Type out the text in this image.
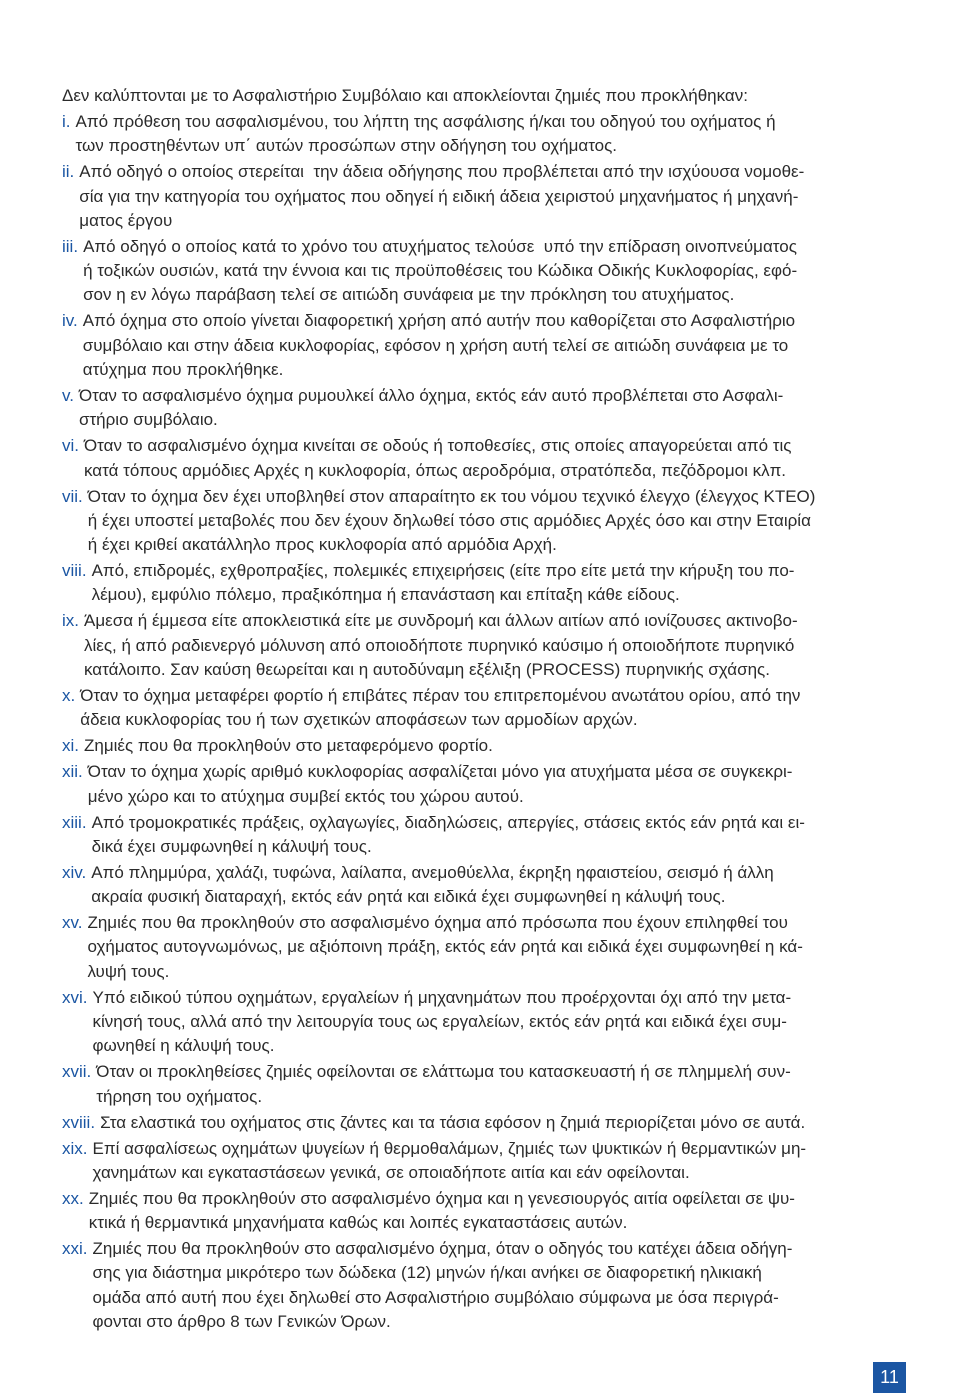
Δεν καλύπτονται με το Ασφαλιστήριο Συμβόλαιο και αποκλείονται ζημιές που προκλήθηκαν:
i. Από πρόθεση του ασφαλισμένου, του λήπτη της ασφάλισης ή/και του οδηγού του οχήματος ή
των προστηθέντων υπ΄ αυτών προσώπων στην οδήγηση του οχήματος.
ii. Από οδηγό ο οποίος στερείται  την άδεια οδήγησης που προβλέπεται από την ισχύουσα νομοθε-
σία για την κατηγορία του οχήματος που οδηγεί ή ειδική άδεια χειριστού μηχανήματος ή μηχανή-
ματος έργου
iii. Από οδηγό ο οποίος κατά το χρόνο του ατυχήματος τελούσε  υπό την επίδραση οινοπνεύματος
ή τοξικών ουσιών, κατά την έννοια και τις προϋποθέσεις του Κώδικα Οδικής Κυκλοφορίας, εφό-
σον η εν λόγω παράβαση τελεί σε αιτιώδη συνάφεια με την πρόκληση του ατυχήματος.
iv. Από όχημα στο οποίο γίνεται διαφορετική χρήση από αυτήν που καθορίζεται στο Ασφαλιστήριο
συμβόλαιο και στην άδεια κυκλοφορίας, εφόσον η χρήση αυτή τελεί σε αιτιώδη συνάφεια με το
ατύχημα που προκλήθηκε.
v. Όταν το ασφαλισμένο όχημα ρυμουλκεί άλλο όχημα, εκτός εάν αυτό προβλέπεται στο Ασφαλι-
στήριο συμβόλαιο.
vi. Όταν το ασφαλισμένο όχημα κινείται σε οδούς ή τοποθεσίες, στις οποίες απαγορεύεται από τις
κατά τόπους αρμόδιες Αρχές η κυκλοφορία, όπως αεροδρόμια, στρατόπεδα, πεζόδρομοι κλπ.
vii. Όταν το όχημα δεν έχει υποβληθεί στον απαραίτητο εκ του νόμου τεχνικό έλεγχο (έλεγχος ΚΤΕΟ)
ή έχει υποστεί μεταβολές που δεν έχουν δηλωθεί τόσο στις αρμόδιες Αρχές όσο και στην Εταιρία
ή έχει κριθεί ακατάλληλο προς κυκλοφορία από αρμόδια Αρχή.
viii. Από, επιδρομές, εχθροπραξίες, πολεμικές επιχειρήσεις (είτε προ είτε μετά την κήρυξη του πο-
λέμου), εμφύλιο πόλεμο, πραξικόπημα ή επανάσταση και επίταξη κάθε είδους.
ix. Άμεσα ή έμμεσα είτε αποκλειστικά είτε με συνδρομή και άλλων αιτίων από ιονίζουσες ακτινοβο-
λίες, ή από ραδιενεργό μόλυνση από οποιοδήποτε πυρηνικό καύσιμο ή οποιοδήποτε πυρηνικό
κατάλοιπο. Σαν καύση θεωρείται και η αυτοδύναμη εξέλιξη (PROCESS) πυρηνικής σχάσης.
x. Όταν το όχημα μεταφέρει φορτίο ή επιβάτες πέραν του επιτρεπομένου ανωτάτου ορίου, από την
άδεια κυκλοφορίας του ή των σχετικών αποφάσεων των αρμοδίων αρχών.
xi. Ζημιές που θα προκληθούν στο μεταφερόμενο φορτίο.
xii. Όταν το όχημα χωρίς αριθμό κυκλοφορίας ασφαλίζεται μόνο για ατυχήματα μέσα σε συγκεκρι-
μένο χώρο και το ατύχημα συμβεί εκτός του χώρου αυτού.
xiii. Από τρομοκρατικές πράξεις, οχλαγωγίες, διαδηλώσεις, απεργίες, στάσεις εκτός εάν ρητά και ει-
δικά έχει συμφωνηθεί η κάλυψή τους.
xiv. Από πλημμύρα, χαλάζι, τυφώνα, λαίλαπα, ανεμοθύελλα, έκρηξη ηφαιστείου, σεισμό ή άλλη
ακραία φυσική διαταραχή, εκτός εάν ρητά και ειδικά έχει συμφωνηθεί η κάλυψή τους.
xv. Ζημιές που θα προκληθούν στο ασφαλισμένο όχημα από πρόσωπα που έχουν επιληφθεί του
οχήματος αυτογνωμόνως, με αξιόποινη πράξη, εκτός εάν ρητά και ειδικά έχει συμφωνηθεί η κά-
λυψή τους.
xvi. Υπό ειδικού τύπου οχημάτων, εργαλείων ή μηχανημάτων που προέρχονται όχι από την μετα-
κίνησή τους, αλλά από την λειτουργία τους ως εργαλείων, εκτός εάν ρητά και ειδικά έχει συμ-
φωνηθεί η κάλυψή τους.
xvii. Όταν οι προκληθείσες ζημιές οφείλονται σε ελάττωμα του κατασκευαστή ή σε πλημμελή συν-
τήρηση του οχήματος.
xviii. Στα ελαστικά του οχήματος στις ζάντες και τα τάσια εφόσον η ζημιά περιορίζεται μόνο σε αυτά.
xix. Επί ασφαλίσεως οχημάτων ψυγείων ή θερμοθαλάμων, ζημιές των ψυκτικών ή θερμαντικών μη-
χανημάτων και εγκαταστάσεων γενικά, σε οποιαδήποτε αιτία και εάν οφείλονται.
xx. Ζημιές που θα προκληθούν στο ασφαλισμένο όχημα και η γενεσιουργός αιτία οφείλεται σε ψυ-
κτικά ή θερμαντικά μηχανήματα καθώς και λοιπές εγκαταστάσεις αυτών.
xxi. Ζημιές που θα προκληθούν στο ασφαλισμένο όχημα, όταν ο οδηγός του κατέχει άδεια οδήγη-
σης για διάστημα μικρότερο των δώδεκα (12) μηνών ή/και ανήκει σε διαφορετική ηλικιακή
ομάδα από αυτή που έχει δηλωθεί στο Ασφαλιστήριο συμβόλαιο σύμφωνα με όσα περιγρά-
φονται στο άρθρο 8 των Γενικών Όρων.
11
